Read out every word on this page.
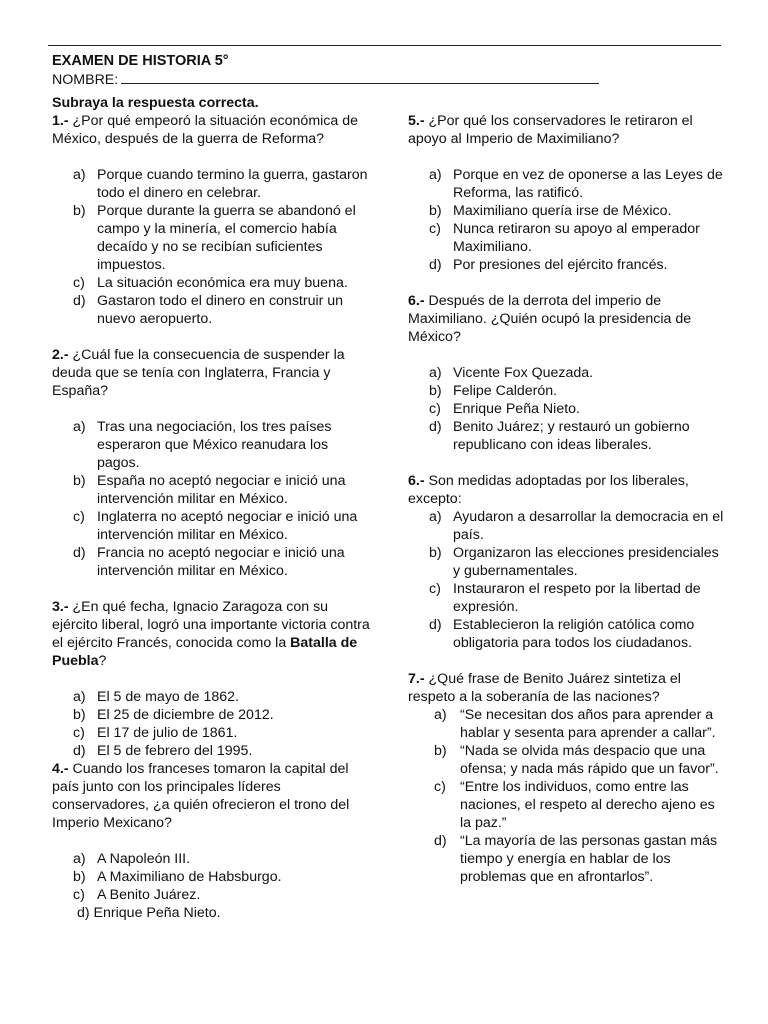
EXAMEN DE HISTORIA 5°
NOMBRE:

Subraya la respuesta correcta.

1.- ¿Por qué empeoró la situación económica de México, después de la guerra de Reforma?

a) Porque cuando termino la guerra, gastaron todo el dinero en celebrar.
b) Porque durante la guerra se abandonó el campo y la minería, el comercio había decaído y no se recibían suficientes impuestos.
c) La situación económica era muy buena.
d) Gastaron todo el dinero en construir un nuevo aeropuerto.

2.- ¿Cuál fue la consecuencia de suspender la deuda que se tenía con Inglaterra, Francia y España?

a) Tras una negociación, los tres países esperaron que México reanudara los pagos.
b) España no aceptó negociar e inició una intervención militar en México.
c) Inglaterra no aceptó negociar e inició una intervención militar en México.
d) Francia no aceptó negociar e inició una intervención militar en México.

3.- ¿En qué fecha, Ignacio Zaragoza con su ejército liberal, logró una importante victoria contra el ejército Francés, conocida como la Batalla de Puebla?

a) El 5 de mayo de 1862.
b) El 25 de diciembre de 2012.
c) El 17 de julio de 1861.
d) El 5 de febrero del 1995.

4.- Cuando los franceses tomaron la capital del país junto con los principales líderes conservadores, ¿a quién ofrecieron el trono del Imperio Mexicano?

a) A Napoleón III.
b) A Maximiliano de Habsburgo.
c) A Benito Juárez.
d) Enrique Peña Nieto.

5.- ¿Por qué los conservadores le retiraron el apoyo al Imperio de Maximiliano?

a) Porque en vez de oponerse a las Leyes de Reforma, las ratificó.
b) Maximiliano quería irse de México.
c) Nunca retiraron su apoyo al emperador Maximiliano.
d) Por presiones del ejército francés.

6.- Después de la derrota del imperio de Maximiliano. ¿Quién ocupó la presidencia de México?

a) Vicente Fox Quezada.
b) Felipe Calderón.
c) Enrique Peña Nieto.
d) Benito Juárez; y restauró un gobierno republicano con ideas liberales.

6.- Son medidas adoptadas por los liberales, excepto:

a) Ayudaron a desarrollar la democracia en el país.
b) Organizaron las elecciones presidenciales y gubernamentales.
c) Instauraron el respeto por la libertad de expresión.
d) Establecieron la religión católica como obligatoria para todos los ciudadanos.

7.- ¿Qué frase de Benito Juárez sintetiza el respeto a la soberanía de las naciones?

a) “Se necesitan dos años para aprender a hablar y sesenta para aprender a callar”.
b) “Nada se olvida más despacio que una ofensa; y nada más rápido que un favor”.
c) “Entre los individuos, como entre las naciones, el respeto al derecho ajeno es la paz.”
d) “La mayoría de las personas gastan más tiempo y energía en hablar de los problemas que en afrontarlos”.
